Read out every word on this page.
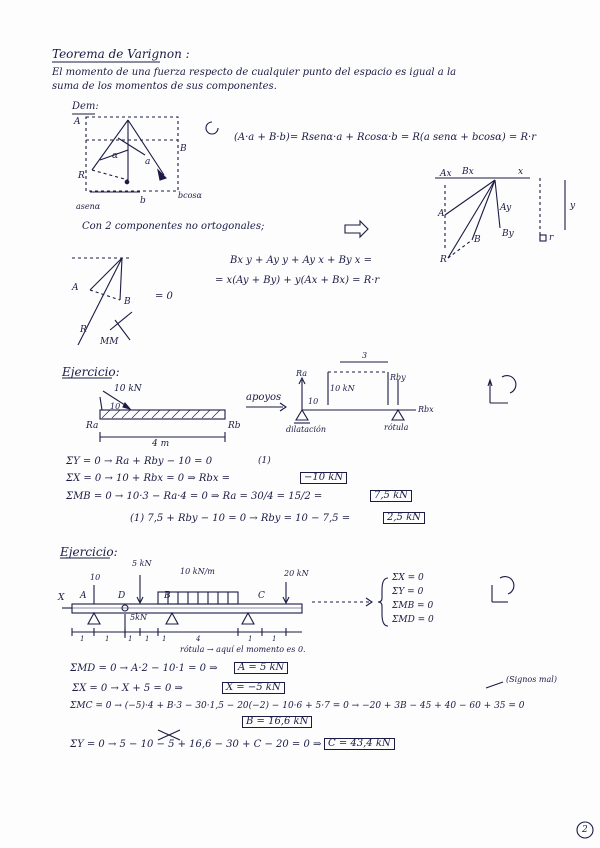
Teorema de Varignon :
El momento de una fuerza respecto de cualquier punto del espacio es igual a la
suma de los momentos de sus componentes.
Dem:
A
B
R
α
a
b
asenα
bcosα
(A·a + B·b)= Rsenα·a + Rcosα·b = R(a senα + bcosα) = R·r
Con 2 componentes no ortogonales;
Ax Bx
Ay
By
x
y
A
B
R
r
A
B
R
MM
= 0
Bx y + Ay y + Ay x + By x =
= x(Ay + By) + y(Ax + Bx) = R·r
Ejercicio:
10 kN
10
Ra	Rb
4 m
apoyos
Ra
3
10 kN
10
Rby
Rbx
dilatación	rótula
ΣY = 0 → Ra + Rby − 10 = 0	(1)
ΣX = 0 → 10 + Rbx = 0 ⇒ Rbx =	−10 kN
ΣMB = 0 → 10·3 − Ra·4 = 0 ⇒ Ra = 30/4 = 15/2 =	7,5 kN
(1) 7,5 + Rby − 10 = 0 → Rby = 10 − 7,5 =	2,5 kN
Ejercicio:
5 kN
10 kN/m	20 kN
10
5kN
X A	D	B	C
1	1	1 1 1	4	1	1
rótula → aquí el momento es 0.
ΣX = 0
ΣY = 0
ΣMB = 0
ΣMD = 0
ΣMD = 0 → A·2 − 10·1 = 0 ⇒	A = 5 kN
ΣX = 0 → X + 5 = 0 ⇒	X = −5 kN
(Signos mal)
ΣMC = 0 → (−5)·4 + B·3 − 30·1,5 − 20(−2) − 10·6 + 5·7 = 0 → −20 + 3B − 45 + 40 − 60 + 35 = 0
B = 16,6 kN
ΣY = 0 → 5 − 10 − 5 + 16,6 − 30 + C − 20 = 0 ⇒ C = 43,4 kN
2
